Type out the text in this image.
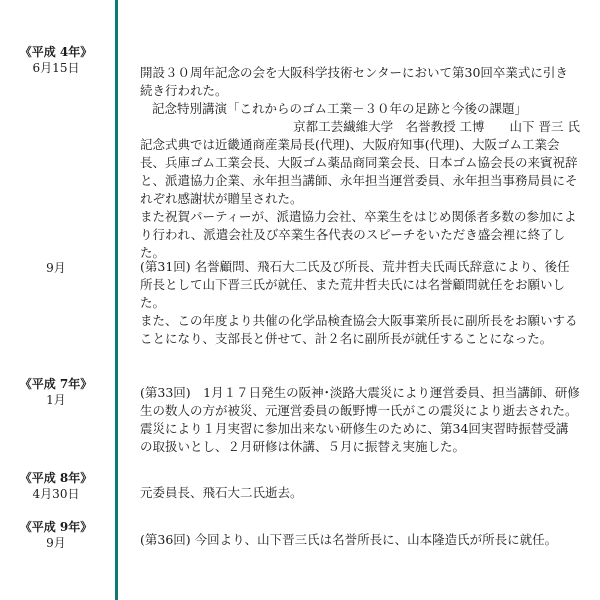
《平成 4年》
6月15日	開設３０周年記念の会を大阪科学技術センターにおいて第30回卒業式に引き続き行われた。

記念特別講演「これからのゴム工業－３０年の足跡と今後の課題」

京都工芸繊維大学　名誉教授 工博　　山下 晋三 氏

記念式典では近畿通商産業局長(代理)、大阪府知事(代理)、大阪ゴム工業会長、兵庫ゴム工業会長、大阪ゴム薬品商同業会長、日本ゴム協会長の来賓祝辞と、派遣協力企業、永年担当講師、永年担当運営委員、永年担当事務局員にそれぞれ感謝状が贈呈された。

また祝賀パーティーが、派遣協力会社、卒業生をはじめ関係者多数の参加により行われ、派遣会社及び卒業生各代表のスピーチをいただき盛会裡に終了した。

9月	(第31回) 名誉顧問、飛石大二氏及び所長、荒井哲夫氏両氏辞意により、後任所長として山下晋三氏が就任、また荒井哲夫氏には名誉顧問就任をお願いした。

また、この年度より共催の化学品検査協会大阪事業所長に副所長をお願いすることになり、支部長と併せて、計２名に副所長が就任することになった。

《平成 7年》
1月	(第33回)　1月１７日発生の阪神･淡路大震災により運営委員、担当講師、研修生の数人の方が被災、元運営委員の飯野博一氏がこの震災により逝去された。震災により１月実習に参加出来ない研修生のために、第34回実習時振替受講の取扱いとし、２月研修は休講、５月に振替え実施した。

《平成 8年》
4月30日	元委員長、飛石大二氏逝去。

《平成 9年》
9月	(第36回) 今回より、山下晋三氏は名誉所長に、山本隆造氏が所長に就任。
